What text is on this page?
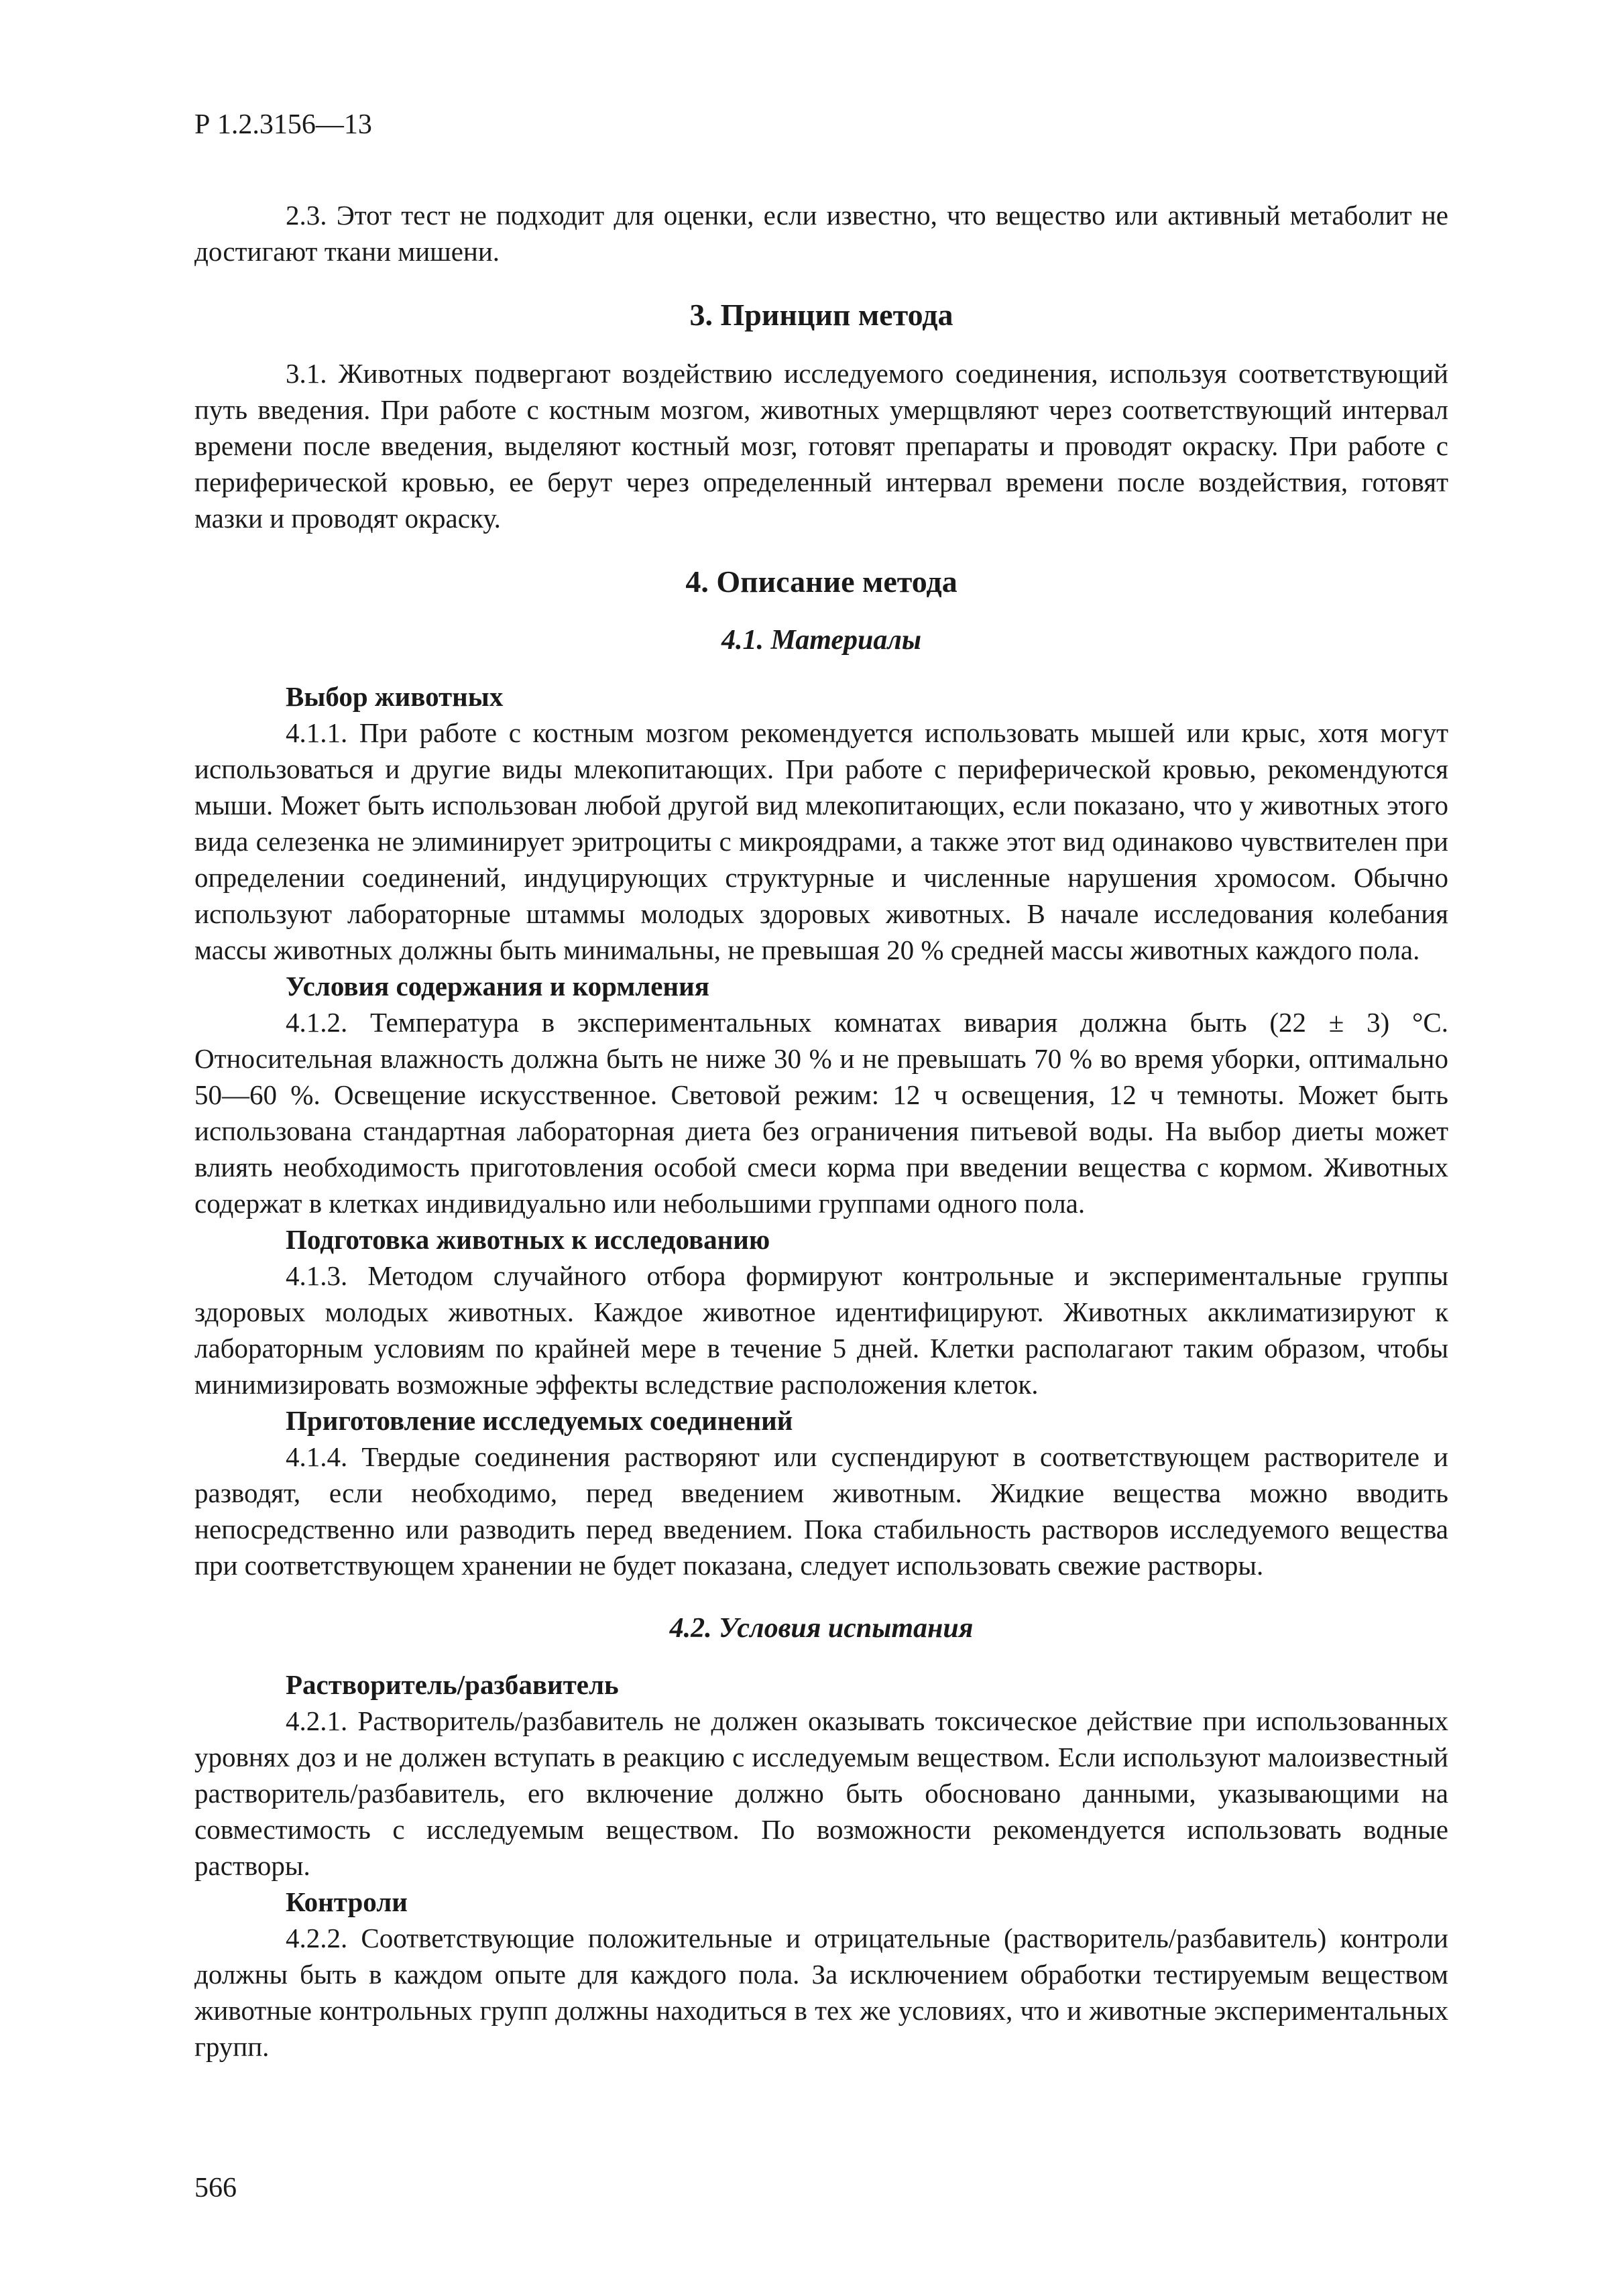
Р 1.2.3156—13

2.3. Этот тест не подходит для оценки, если известно, что вещество или активный метаболит не достигают ткани мишени.

3. Принцип метода

3.1. Животных подвергают воздействию исследуемого соединения, используя соответствующий путь введения. При работе с костным мозгом, животных умерщвляют через соответствующий интервал времени после введения, выделяют костный мозг, готовят препараты и проводят окраску. При работе с периферической кровью, ее берут через определенный интервал времени после воздействия, готовят мазки и проводят окраску.

4. Описание метода
4.1. Материалы
Выбор животных

4.1.1. При работе с костным мозгом рекомендуется использовать мышей или крыс, хотя могут использоваться и другие виды млекопитающих. При работе с периферической кровью, рекомендуются мыши. Может быть использован любой другой вид млекопитающих, если показано, что у животных этого вида селезенка не элиминирует эритроциты с микроядрами, а также этот вид одинаково чувствителен при определении соединений, индуцирующих структурные и численные нарушения хромосом. Обычно используют лабораторные штаммы молодых здоровых животных. В начале исследования колебания массы животных должны быть минимальны, не превышая 20 % средней массы животных каждого пола.

Условия содержания и кормления

4.1.2. Температура в экспериментальных комнатах вивария должна быть (22 ± 3) °С. Относительная влажность должна быть не ниже 30 % и не превышать 70 % во время уборки, оптимально 50—60 %. Освещение искусственное. Световой режим: 12 ч освещения, 12 ч темноты. Может быть использована стандартная лабораторная диета без ограничения питьевой воды. На выбор диеты может влиять необходимость приготовления особой смеси корма при введении вещества с кормом. Животных содержат в клетках индивидуально или небольшими группами одного пола.

Подготовка животных к исследованию

4.1.3. Методом случайного отбора формируют контрольные и экспериментальные группы здоровых молодых животных. Каждое животное идентифицируют. Животных акклиматизируют к лабораторным условиям по крайней мере в течение 5 дней. Клетки располагают таким образом, чтобы минимизировать возможные эффекты вследствие расположения клеток.

Приготовление исследуемых соединений

4.1.4. Твердые соединения растворяют или суспендируют в соответствующем растворителе и разводят, если необходимо, перед введением животным. Жидкие вещества можно вводить непосредственно или разводить перед введением. Пока стабильность растворов исследуемого вещества при соответствующем хранении не будет показана, следует использовать свежие растворы.

4.2. Условия испытания
Растворитель/разбавитель

4.2.1. Растворитель/разбавитель не должен оказывать токсическое действие при использованных уровнях доз и не должен вступать в реакцию с исследуемым веществом. Если используют малоизвестный растворитель/разбавитель, его включение должно быть обосновано данными, указывающими на совместимость с исследуемым веществом. По возможности рекомендуется использовать водные растворы.

Контроли

4.2.2. Соответствующие положительные и отрицательные (растворитель/разбавитель) контроли должны быть в каждом опыте для каждого пола. За исключением обработки тестируемым веществом животные контрольных групп должны находиться в тех же условиях, что и животные экспериментальных групп.

566
